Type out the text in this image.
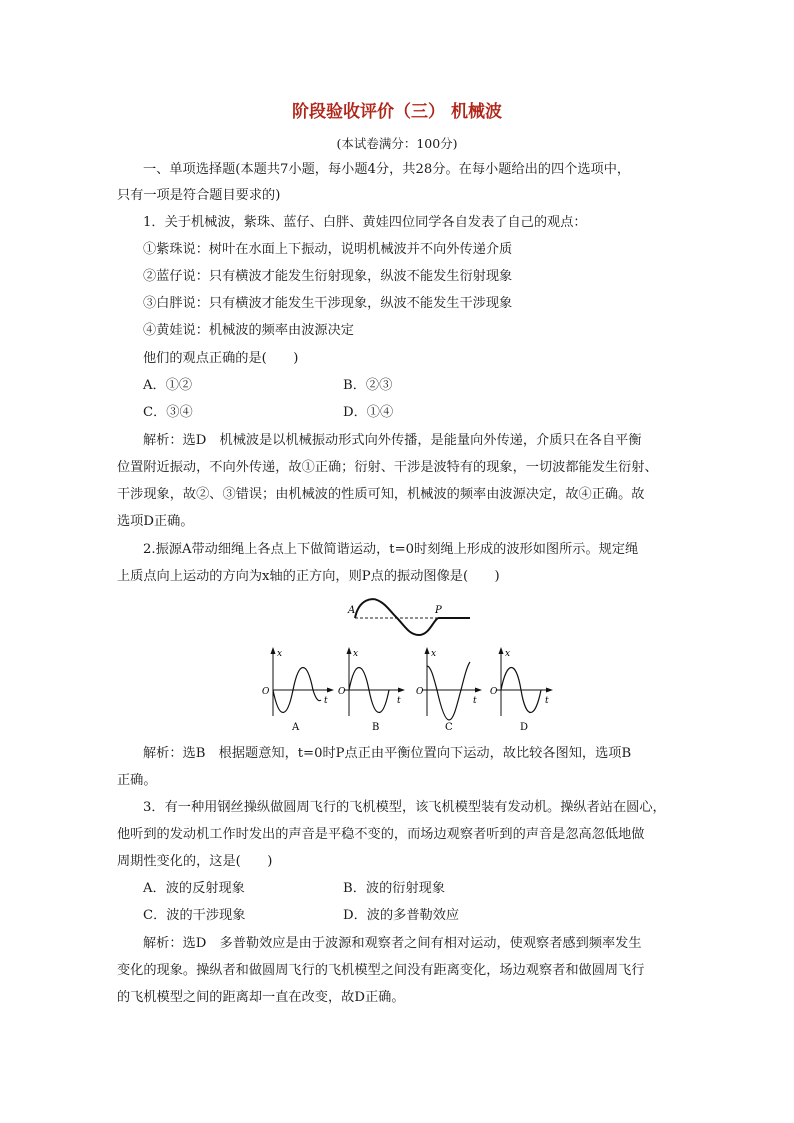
阶段验收评价（三） 机械波
(本试卷满分：100分)
一、单项选择题(本题共7小题，每小题4分，共28分。在每小题给出的四个选项中，
只有一项是符合题目要求的)
1．关于机械波，紫珠、蓝仔、白胖、黄娃四位同学各自发表了自己的观点：
①紫珠说：树叶在水面上下振动，说明机械波并不向外传递介质
②蓝仔说：只有横波才能发生衍射现象，纵波不能发生衍射现象
③白胖说：只有横波才能发生干涉现象，纵波不能发生干涉现象
④黄娃说：机械波的频率由波源决定
他们的观点正确的是(　　)
A．①②	B．②③
C．③④	D．①④
解析：选D　机械波是以机械振动形式向外传播，是能量向外传递，介质只在各自平衡
位置附近振动，不向外传递，故①正确；衍射、干涉是波特有的现象，一切波都能发生衍射、
干涉现象，故②、③错误；由机械波的性质可知，机械波的频率由波源决定，故④正确。故
选项D正确。
2.振源A带动细绳上各点上下做简谐运动，t=0时刻绳上形成的波形如图所示。规定绳
上质点向上运动的方向为x轴的正方向，则P点的振动图像是(　　)
A	P
x
t
O
A
x
t
O
B
x
t
O
C
x
t
O
D
解析：选B　根据题意知，t=0时P点正由平衡位置向下运动，故比较各图知，选项B
正确。
3．有一种用钢丝操纵做圆周飞行的飞机模型，该飞机模型装有发动机。操纵者站在圆心，
他听到的发动机工作时发出的声音是平稳不变的，而场边观察者听到的声音是忽高忽低地做
周期性变化的，这是(　　)
A．波的反射现象	B．波的衍射现象
C．波的干涉现象	D．波的多普勒效应
解析：选D　多普勒效应是由于波源和观察者之间有相对运动，使观察者感到频率发生
变化的现象。操纵者和做圆周飞行的飞机模型之间没有距离变化，场边观察者和做圆周飞行
的飞机模型之间的距离却一直在改变，故D正确。
